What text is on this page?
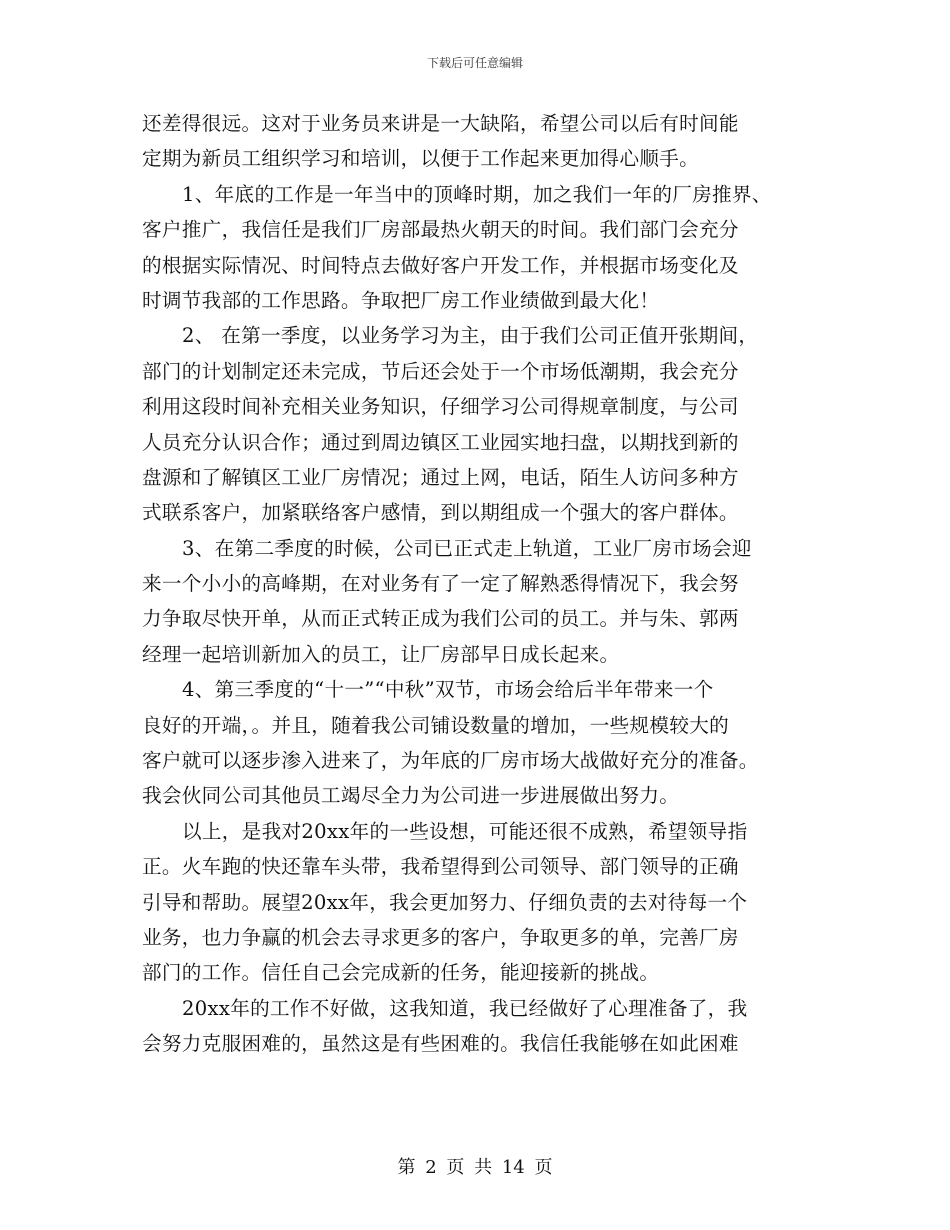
下载后可任意编辑
还差得很远。这对于业务员来讲是一大缺陷，希望公司以后有时间能
定期为新员工组织学习和培训，以便于工作起来更加得心顺手。
1、年底的工作是一年当中的顶峰时期，加之我们一年的厂房推界、
客户推广，我信任是我们厂房部最热火朝天的时间。我们部门会充分
的根据实际情况、时间特点去做好客户开发工作，并根据市场变化及
时调节我部的工作思路。争取把厂房工作业绩做到最大化！
2、 在第一季度，以业务学习为主，由于我们公司正值开张期间，
部门的计划制定还未完成，节后还会处于一个市场低潮期，我会充分
利用这段时间补充相关业务知识，仔细学习公司得规章制度，与公司
人员充分认识合作；通过到周边镇区工业园实地扫盘，以期找到新的
盘源和了解镇区工业厂房情况；通过上网，电话，陌生人访问多种方
式联系客户，加紧联络客户感情，到以期组成一个强大的客户群体。
3、在第二季度的时候，公司已正式走上轨道，工业厂房市场会迎
来一个小小的高峰期，在对业务有了一定了解熟悉得情况下，我会努
力争取尽快开单，从而正式转正成为我们公司的员工。并与朱、郭两
经理一起培训新加入的员工，让厂房部早日成长起来。
4、第三季度的“十一”“中秋”双节，市场会给后半年带来一个
良好的开端，。并且，随着我公司铺设数量的增加，一些规模较大的
客户就可以逐步渗入进来了，为年底的厂房市场大战做好充分的准备。
我会伙同公司其他员工竭尽全力为公司进一步进展做出努力。
以上，是我对20xx年的一些设想，可能还很不成熟，希望领导指
正。火车跑的快还靠车头带，我希望得到公司领导、部门领导的正确
引导和帮助。展望20xx年，我会更加努力、仔细负责的去对待每一个
业务，也力争赢的机会去寻求更多的客户，争取更多的单，完善厂房
部门的工作。信任自己会完成新的任务，能迎接新的挑战。
20xx年的工作不好做，这我知道，我已经做好了心理准备了，我
会努力克服困难的，虽然这是有些困难的。我信任我能够在如此困难
第 2 页 共 14 页
